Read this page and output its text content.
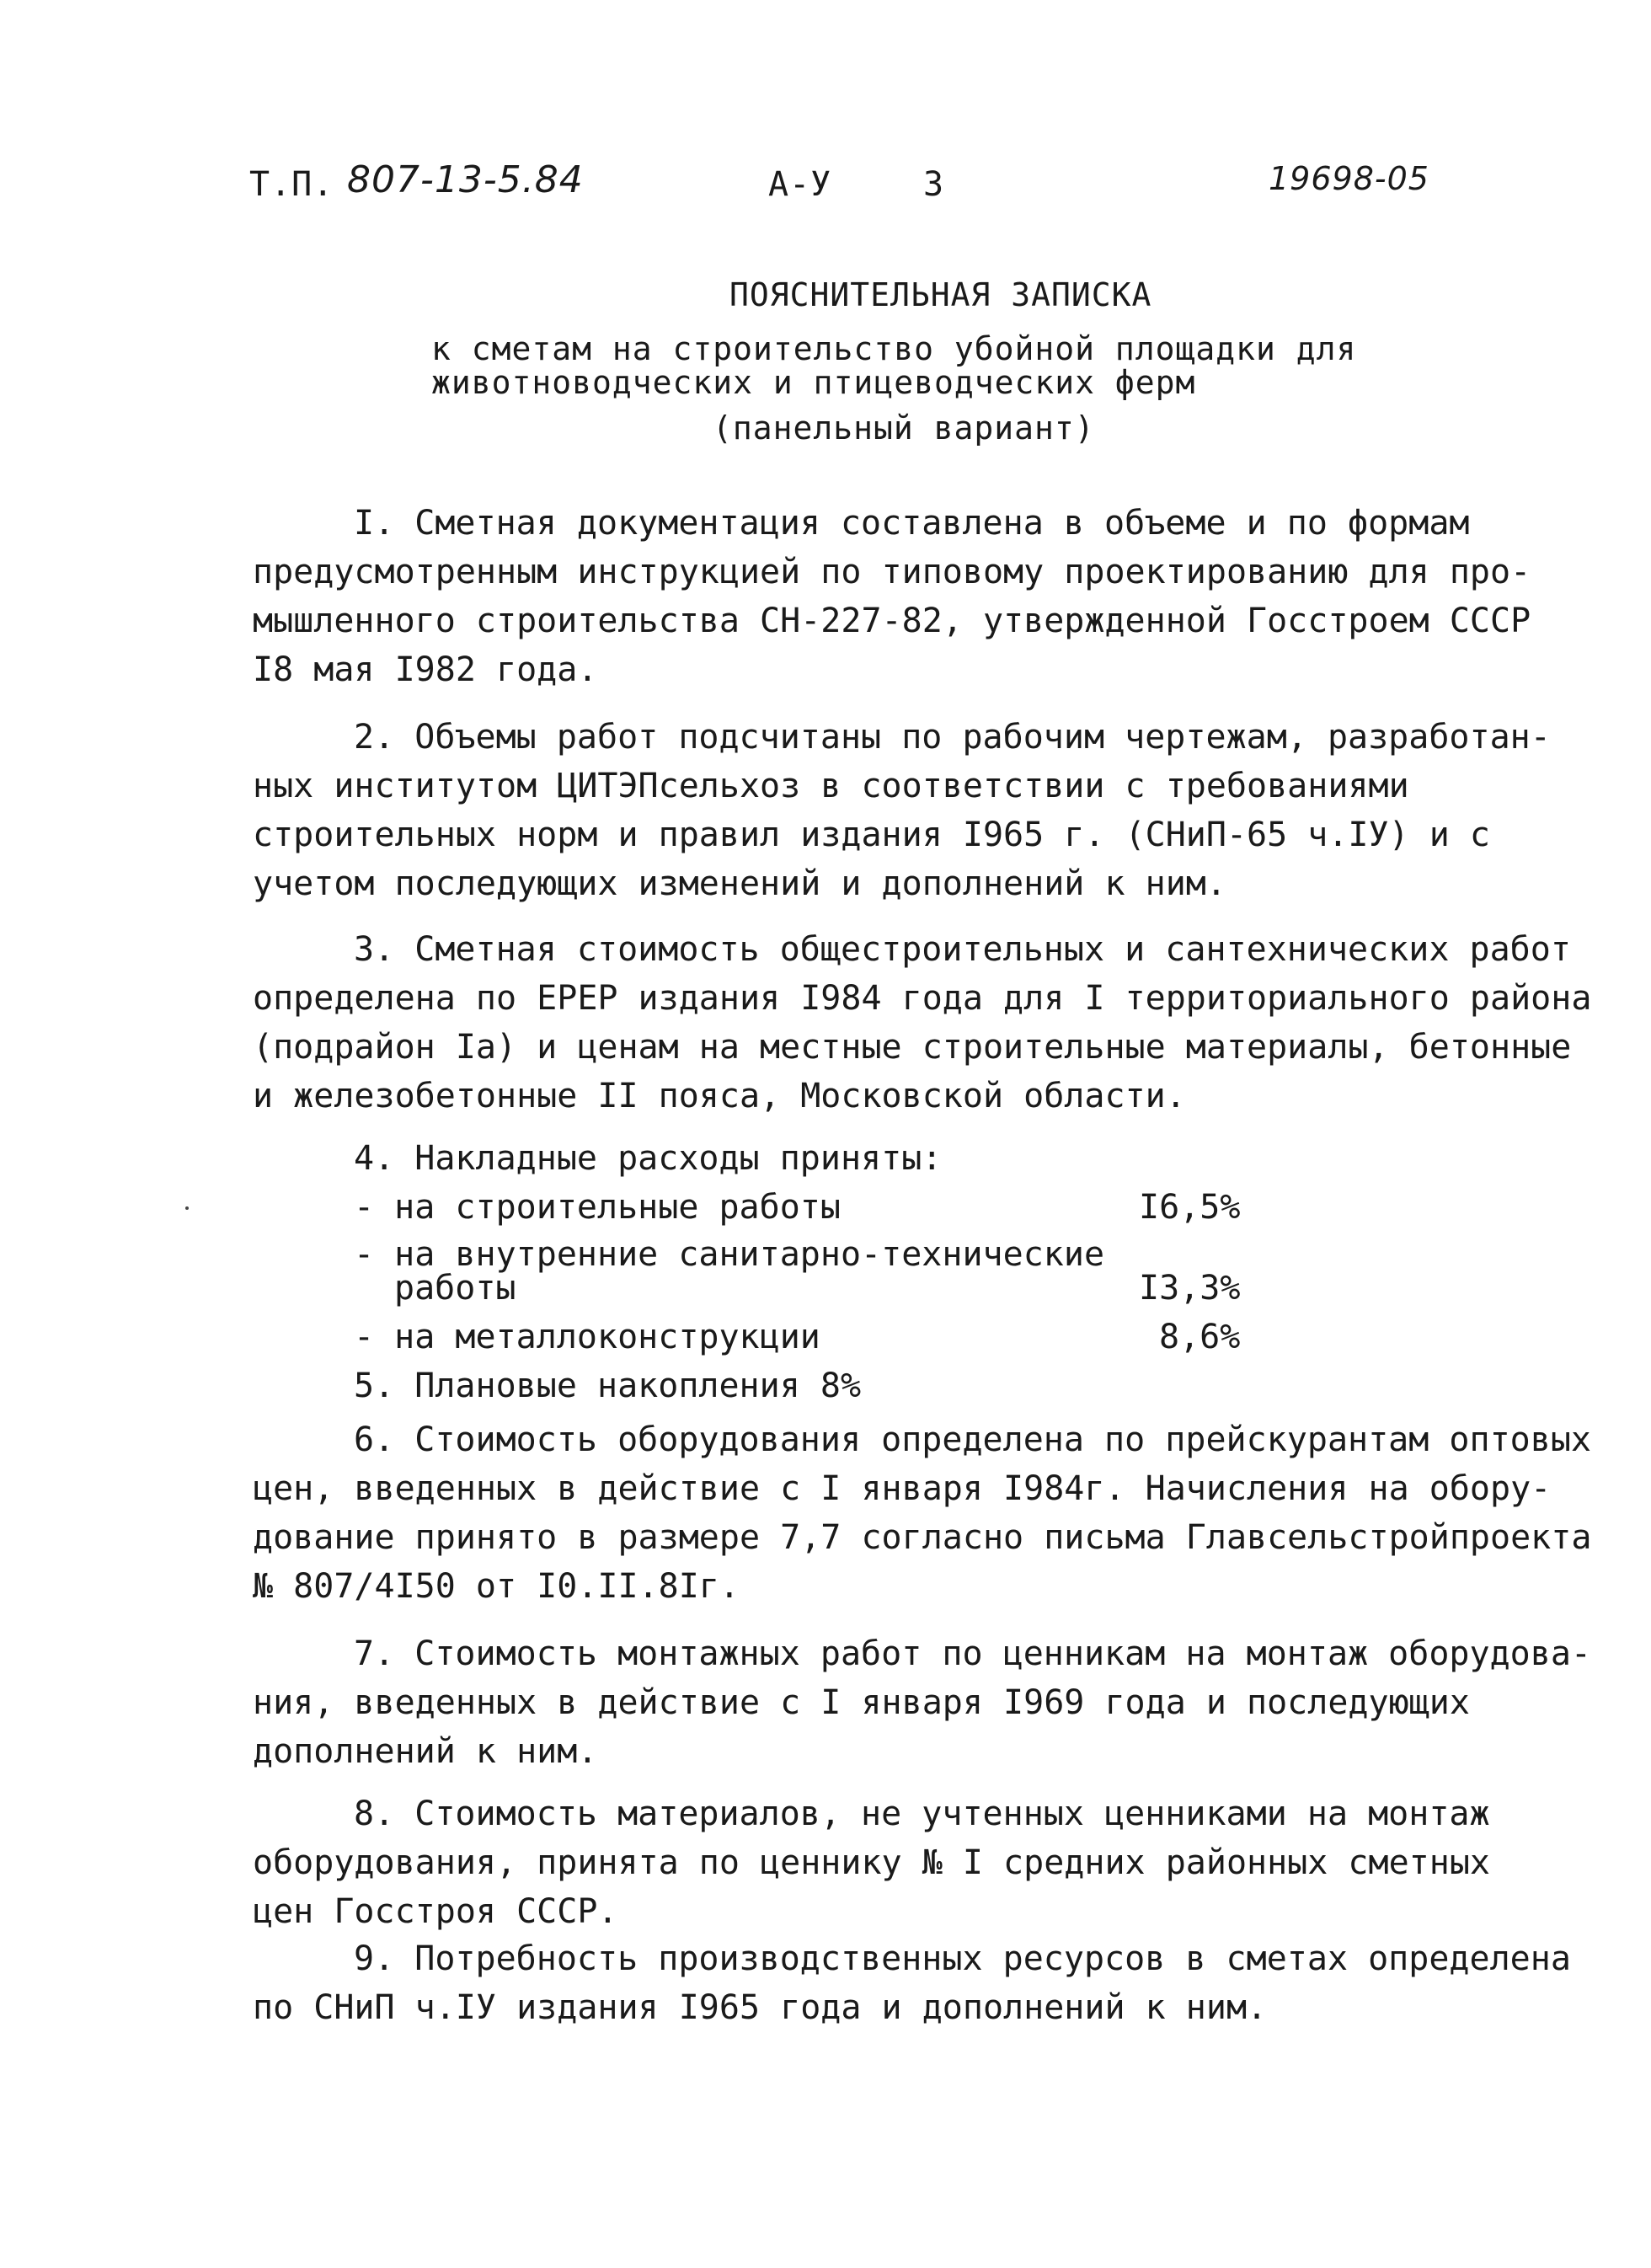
Т.П. 807-13-5.84	А-У	3	19698-05
ПОЯСНИТЕЛЬНАЯ ЗАПИСКА
к сметам на строительство убойной площадки для
животноводческих и птицеводческих ферм
(панельный вариант)
I. Сметная документация составлена в объеме и по формам
предусмотренным инструкцией по типовому проектированию для про-
мышленного строительства СН-227-82, утвержденной Госстроем СССР
I8 мая I982 года.
2. Объемы работ подсчитаны по рабочим чертежам, разработан-
ных институтом ЦИТЭПсельхоз в соответствии с требованиями
строительных норм и правил издания I965 г. (СНиП-65 ч.IУ) и с
учетом последующих изменений и дополнений к ним.
3. Сметная стоимость общестроительных и сантехнических работ
определена по ЕРЕР издания I984 года для I территориального района
(подрайон Iа) и ценам на местные строительные материалы, бетонные
и железобетонные II пояса, Московской области.
4. Накладные расходы приняты:
- на строительные работы	I6,5%
- на внутренние санитарно-технические
работы	I3,3%
- на металлоконструкции	8,6%
5. Плановые накопления 8%
6. Стоимость оборудования определена по прейскурантам оптовых
цен, введенных в действие с I января I984г. Начисления на обору-
дование принято в размере 7,7 согласно письма Главсельстройпроекта
№ 807/4I50 от I0.II.8Iг.
7. Стоимость монтажных работ по ценникам на монтаж оборудова-
ния, введенных в действие с I января I969 года и последующих
дополнений к ним.
8. Стоимость материалов, не учтенных ценниками на монтаж
оборудования, принята по ценнику № I средних районных сметных
цен Госстроя СССР.
9. Потребность производственных ресурсов в сметах определена
по СНиП ч.IУ издания I965 года и дополнений к ним.
